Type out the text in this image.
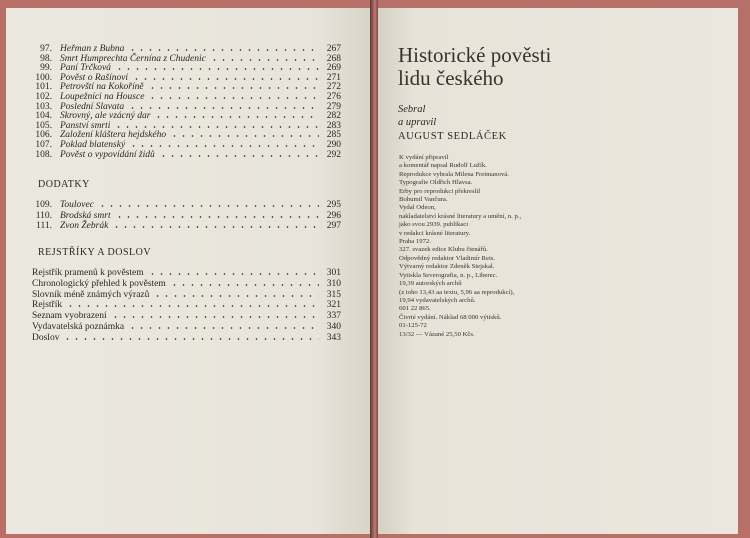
97. Heřman z Bubna	267
98. Smrt Humprechta Černína z Chudenic	268
99. Paní Trčková	269
100. Pověst o Rašínovi	271
101. Petrovští na Kokoříně	272
102. Loupežníci na Housce	276
103. Poslední Slavata	279
104. Skrovný, ale vzácný dar	282
105. Panství smrti	283
106. Založení kláštera hejdského	285
107. Poklad blatenský	290
108. Pověst o vypovídání židů	292
DODATKY
109. Toulovec	295
110. Brodská smrt	296
111. Zvon Žebrák	297
REJSTŘÍKY A DOSLOV
Rejstřík pramenů k pověstem	301
Chronologický přehled k pověstem	310
Slovník méně známých výrazů	315
Rejstřík	321
Seznam vyobrazení	337
Vydavatelská poznámka	340
Doslov	343
Historické pověsti
lidu českého
Sebral
a upravil
AUGUST SEDLÁČEK
K vydání připravil
a komentář napsal Rudolf Lužík.
Reprodukce vybrala Milena Freimanová.
Typografie Oldřich Hlavsa.
Erby pro reprodukci překreslil
Bohumil Vančura.
Vydal Odeon,
nakladatelství krásné literatury a umění, n. p.,
jako svou 2939. publikaci
v redakci krásné literatury.
Praha 1972.
327. svazek edice Klubu čtenářů.
Odpovědný redaktor Vladimír Reis.
Výtvarný redaktor Zdeněk Stejskal.
Vytiskla Severografia, n. p., Liberec.
19,39 autorských archů
(z toho 13,43 aa textu, 5,96 aa reprodukcí),
19,94 vydavatelských archů.
601 22 865.
Čtvrté vydání. Náklad 68 000 výtisků.
01-125-72
13/32 — Vázané 25,50 Kčs.
